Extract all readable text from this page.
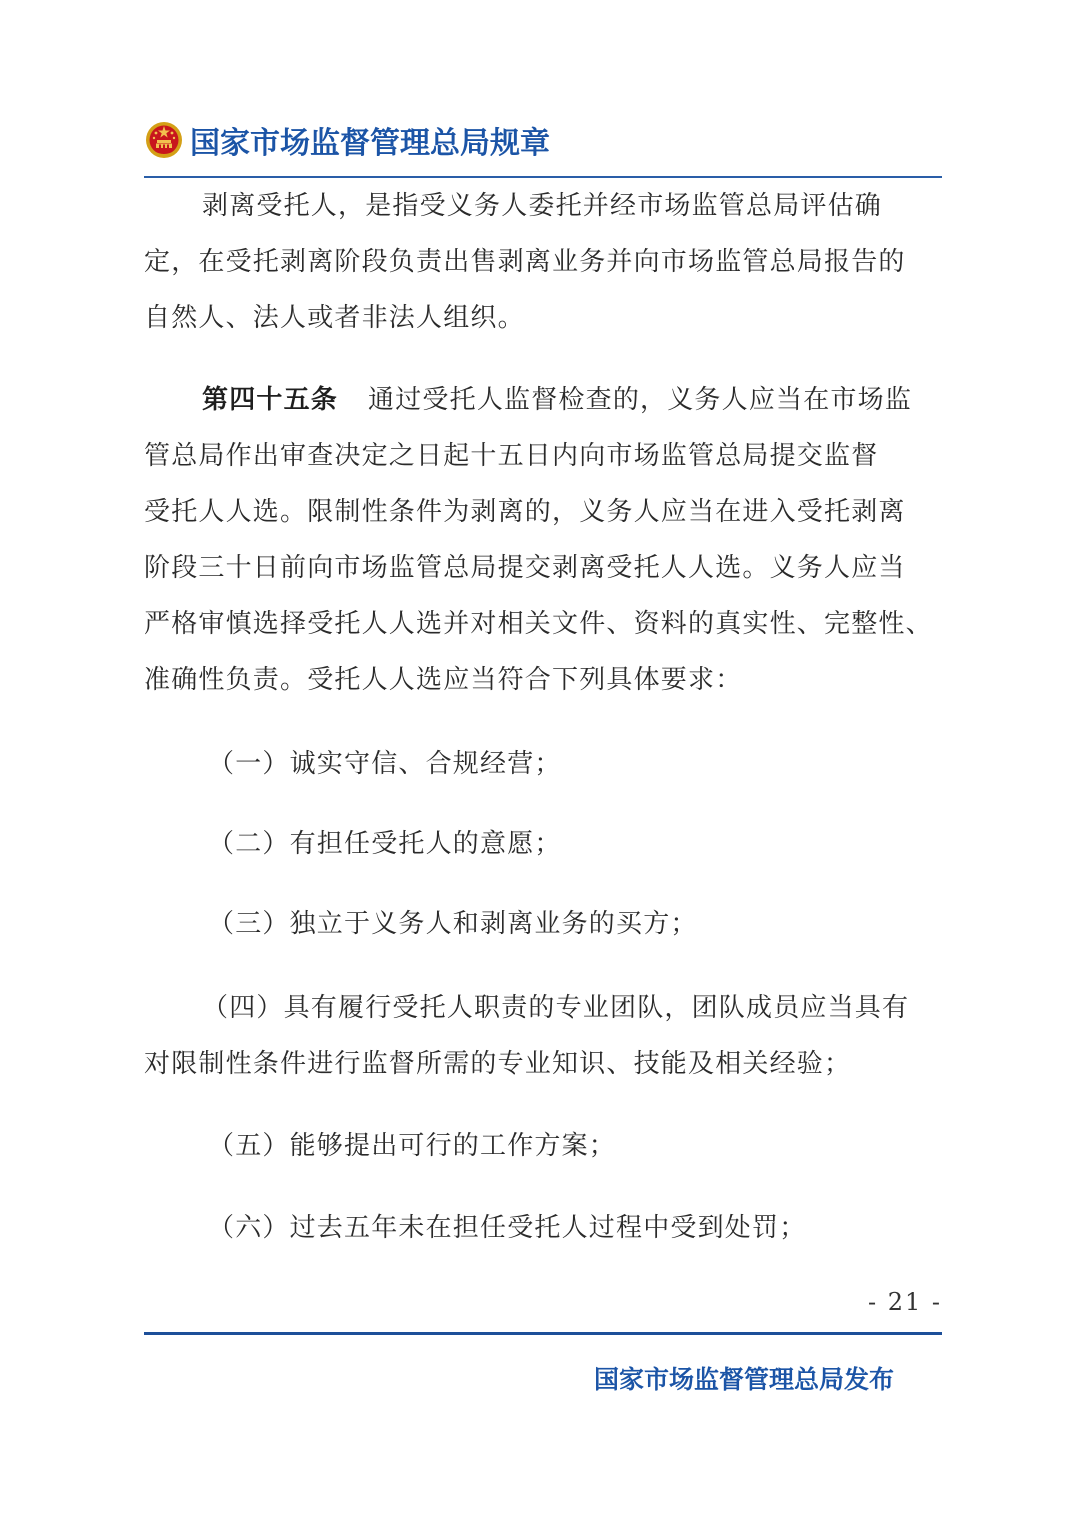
国家市场监督管理总局规章
剥离受托人，是指受义务人委托并经市场监管总局评估确
定，在受托剥离阶段负责出售剥离业务并向市场监管总局报告的
自然人、法人或者非法人组织。
第四十五条 通过受托人监督检查的，义务人应当在市场监
管总局作出审查决定之日起十五日内向市场监管总局提交监督
受托人人选。限制性条件为剥离的，义务人应当在进入受托剥离
阶段三十日前向市场监管总局提交剥离受托人人选。义务人应当
严格审慎选择受托人人选并对相关文件、资料的真实性、完整性、
准确性负责。受托人人选应当符合下列具体要求：
（一）诚实守信、合规经营；
（二）有担任受托人的意愿；
（三）独立于义务人和剥离业务的买方；
（四）具有履行受托人职责的专业团队，团队成员应当具有
对限制性条件进行监督所需的专业知识、技能及相关经验；
（五）能够提出可行的工作方案；
（六）过去五年未在担任受托人过程中受到处罚；
- 21 -
国家市场监督管理总局发布
